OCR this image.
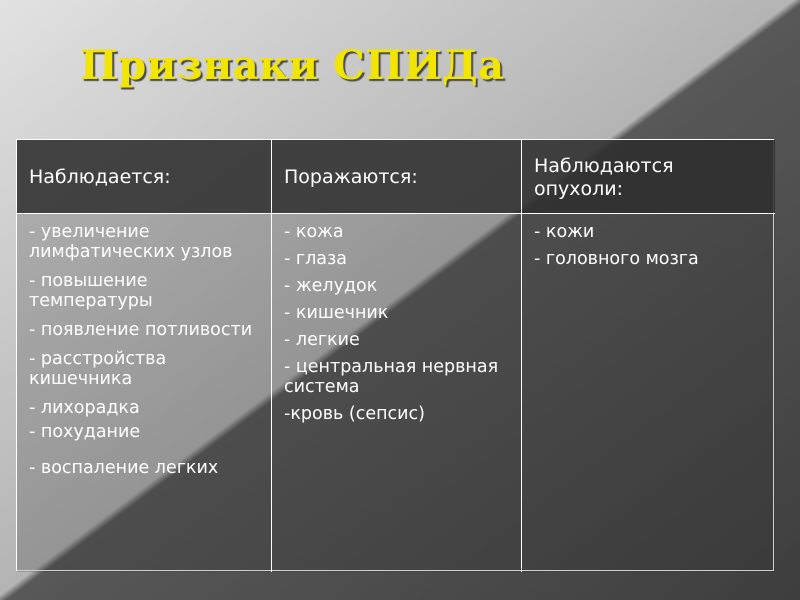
Признаки СПИДа
Наблюдается:	Поражаются:
Наблюдаются опухоли:
- увеличение лимфатических узлов
- повышение температуры
- появление потливости
- расстройства кишечника
- лихорадка
- похудание
- воспаление легких
- кожа
- глаза
- желудок
- кишечник
- легкие
- центральная нервная система
-кровь (сепсис)
- кожи
- головного мозга
